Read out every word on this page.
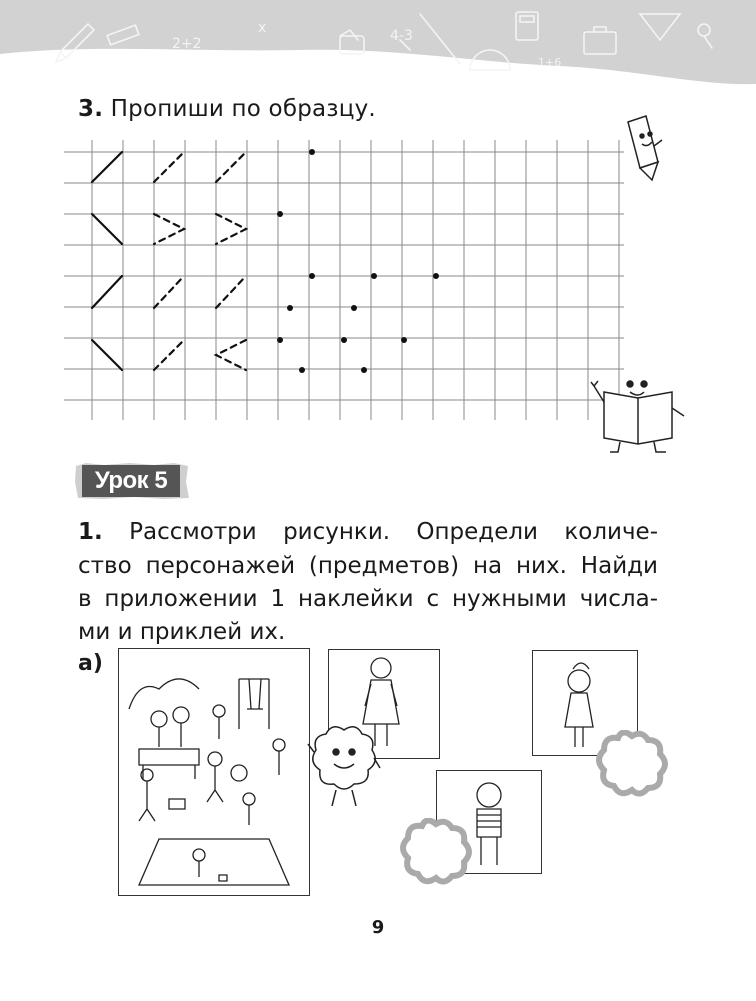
2+2
x	4-3
1+6
3. Пропиши по образцу.
Урок 5
1. Рассмотри рисунки. Определи количе-
ство персонажей (предметов) на них. Найди
в приложении 1 наклейки с нужными числа-
ми и приклей их.
а)
9
